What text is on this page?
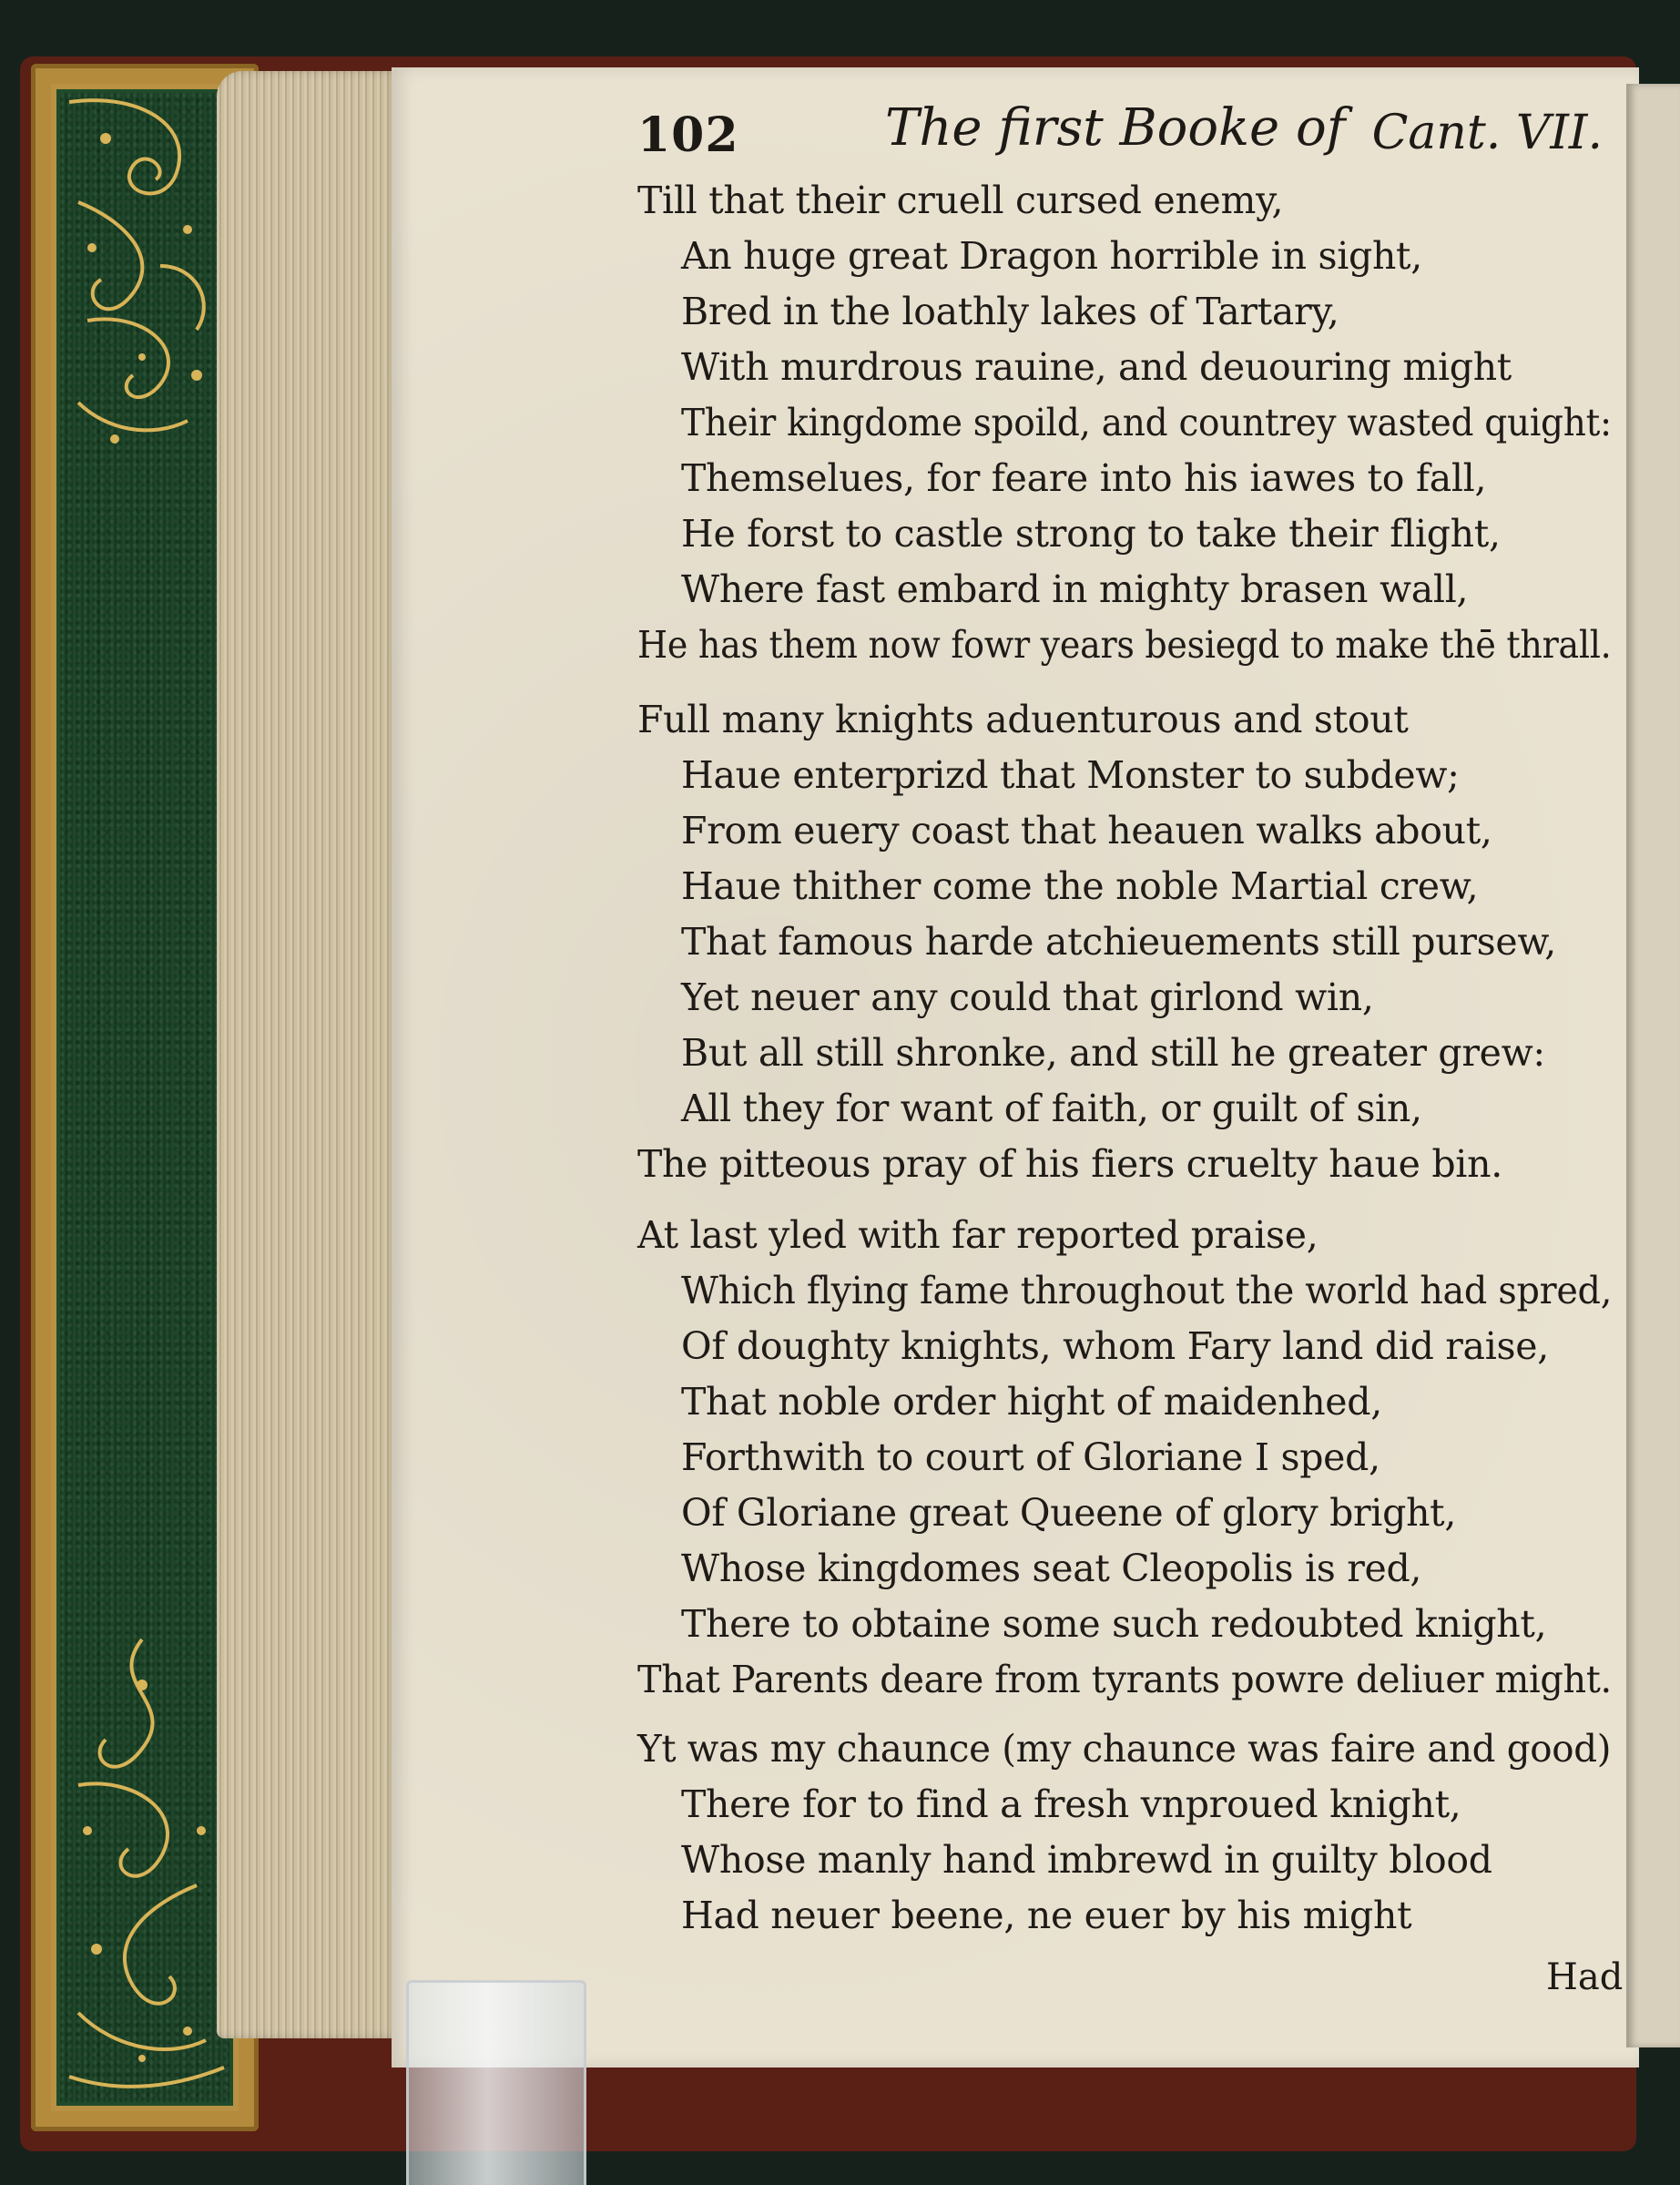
102	The first Booke of Cant. VII.
Till that their cruell cursed enemy,
An huge great Dragon horrible in sight,
Bred in the loathly lakes of Tartary,
With murdrous rauine, and deuouring might
Their kingdome spoild, and countrey wasted quight:
Themselues, for feare into his iawes to fall,
He forst to castle strong to take their flight,
Where fast embard in mighty brasen wall,
He has them now fowr years besiegd to make thē thrall.
Full many knights aduenturous and stout
Haue enterprizd that Monster to subdew;
From euery coast that heauen walks about,
Haue thither come the noble Martial crew,
That famous harde atchieuements still pursew,
Yet neuer any could that girlond win,
But all still shronke, and still he greater grew:
All they for want of faith, or guilt of sin,
The pitteous pray of his fiers cruelty haue bin.
At last yled with far reported praise,
Which flying fame throughout the world had spred,
Of doughty knights, whom Fary land did raise,
That noble order hight of maidenhed,
Forthwith to court of Gloriane I sped,
Of Gloriane great Queene of glory bright,
Whose kingdomes seat Cleopolis is red,
There to obtaine some such redoubted knight,
That Parents deare from tyrants powre deliuer might.
Yt was my chaunce (my chaunce was faire and good)
There for to find a fresh vnproued knight,
Whose manly hand imbrewd in guilty blood
Had neuer beene, ne euer by his might
Had
